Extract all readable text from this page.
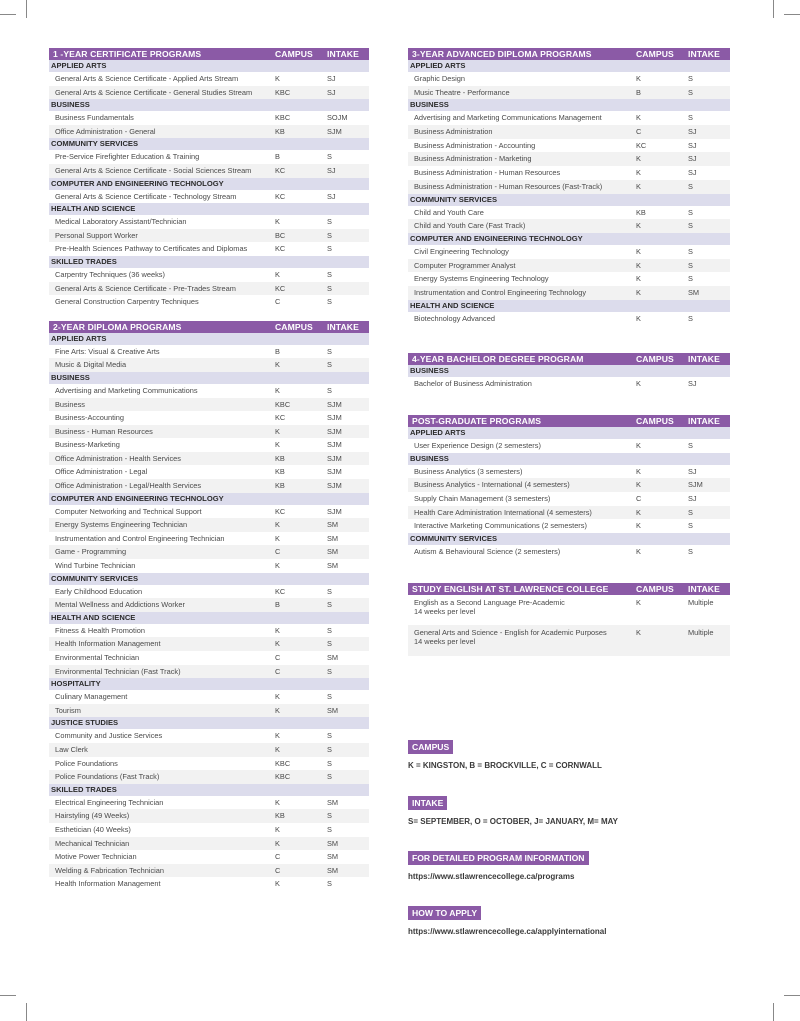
1 -YEAR CERTIFICATE PROGRAMS	CAMPUS	INTAKE
APPLIED ARTS
General Arts & Science Certificate - Applied Arts Stream	K	SJ
General Arts & Science Certificate - General Studies Stream	KBC	SJ
BUSINESS
Business Fundamentals	KBC	SOJM
Office Administration - General	KB	SJM
COMMUNITY SERVICES
Pre-Service Firefighter Education & Training	B	S
General Arts & Science Certificate - Social Sciences Stream	KC	SJ
COMPUTER AND ENGINEERING TECHNOLOGY
General Arts & Science Certificate - Technology Stream	KC	SJ
HEALTH AND SCIENCE
Medical Laboratory Assistant/Technician	K	S
Personal Support Worker	BC	S
Pre-Health Sciences Pathway to Certificates and Diplomas	KC	S
SKILLED TRADES
Carpentry Techniques (36 weeks)	K	S
General Arts & Science Certificate - Pre-Trades Stream	KC	S
General Construction Carpentry Techniques	C	S
2-YEAR DIPLOMA PROGRAMS	CAMPUS	INTAKE
APPLIED ARTS
Fine Arts: Visual & Creative Arts	B	S
Music & Digital Media	K	S
BUSINESS
Advertising and Marketing Communications	K	S
Business	KBC	SJM
Business-Accounting	KC	SJM
Business - Human Resources	K	SJM
Business-Marketing	K	SJM
Office Administration - Health Services	KB	SJM
Office Administration - Legal	KB	SJM
Office Administration - Legal/Health Services	KB	SJM
COMPUTER AND ENGINEERING TECHNOLOGY
Computer Networking and Technical Support	KC	SJM
Energy Systems Engineering Technician	K	SM
Instrumentation and Control Engineering Technician	K	SM
Game - Programming	C	SM
Wind Turbine Technician	K	SM
COMMUNITY SERVICES
Early Childhood Education	KC	S
Mental Wellness and Addictions Worker	B	S
HEALTH AND SCIENCE
Fitness & Health Promotion	K	S
Health Information Management	K	S
Environmental Technician	C	SM
Environmental Technician (Fast Track)	C	S
HOSPITALITY
Culinary Management	K	S
Tourism	K	SM
JUSTICE STUDIES
Community and Justice Services	K	S
Law Clerk	K	S
Police Foundations	KBC	S
Police Foundations (Fast Track)	KBC	S
SKILLED TRADES
Electrical Engineering Technician	K	SM
Hairstyling (49 Weeks)	KB	S
Esthetician (40 Weeks)	K	S
Mechanical Technician	K	SM
Motive Power Technician	C	SM
Welding & Fabrication Technician	C	SM
Health Information Management	K	S
3-YEAR ADVANCED DIPLOMA PROGRAMS	CAMPUS	INTAKE
APPLIED ARTS
Graphic Design	K	S
Music Theatre - Performance	B	S
BUSINESS
Advertising and Marketing Communications Management	K	S
Business Administration	C	SJ
Business Administration - Accounting	KC	SJ
Business Administration - Marketing	K	SJ
Business Administration - Human Resources	K	SJ
Business Administration - Human Resources (Fast-Track)	K	S
COMMUNITY SERVICES
Child and Youth Care	KB	S
Child and Youth Care (Fast Track)	K	S
COMPUTER AND ENGINEERING TECHNOLOGY
Civil Engineering Technology	K	S
Computer Programmer Analyst	K	S
Energy Systems Engineering Technology	K	S
Instrumentation and Control Engineering Technology	K	SM
HEALTH AND SCIENCE
Biotechnology Advanced	K	S
4-YEAR BACHELOR DEGREE PROGRAM	CAMPUS	INTAKE
BUSINESS
Bachelor of Business Administration	K	SJ
POST-GRADUATE PROGRAMS	CAMPUS	INTAKE
APPLIED ARTS
User Experience Design (2 semesters)	K	S
BUSINESS
Business Analytics (3 semesters)	K	SJ
Business Analytics - International (4 semesters)	K	SJM
Supply Chain Management (3 semesters)	C	SJ
Health Care Administration International (4 semesters)	K	S
Interactive Marketing Communications (2 semesters)	K	S
COMMUNITY SERVICES
Autism & Behavioural Science (2 semesters)	K	S
STUDY ENGLISH AT ST. LAWRENCE COLLEGE	CAMPUS	INTAKE
English as a Second Language Pre-Academic
14 weeks per level
K	Multiple
General Arts and Science - English for Academic Purposes
14 weeks per level
K	Multiple
CAMPUS
K = KINGSTON, B = BROCKVILLE, C = CORNWALL
INTAKE
S= SEPTEMBER, O = OCTOBER, J= JANUARY, M= MAY
FOR DETAILED PROGRAM INFORMATION
https://www.stlawrencecollege.ca/programs
HOW TO APPLY
https://www.stlawrencecollege.ca/applyinternational
